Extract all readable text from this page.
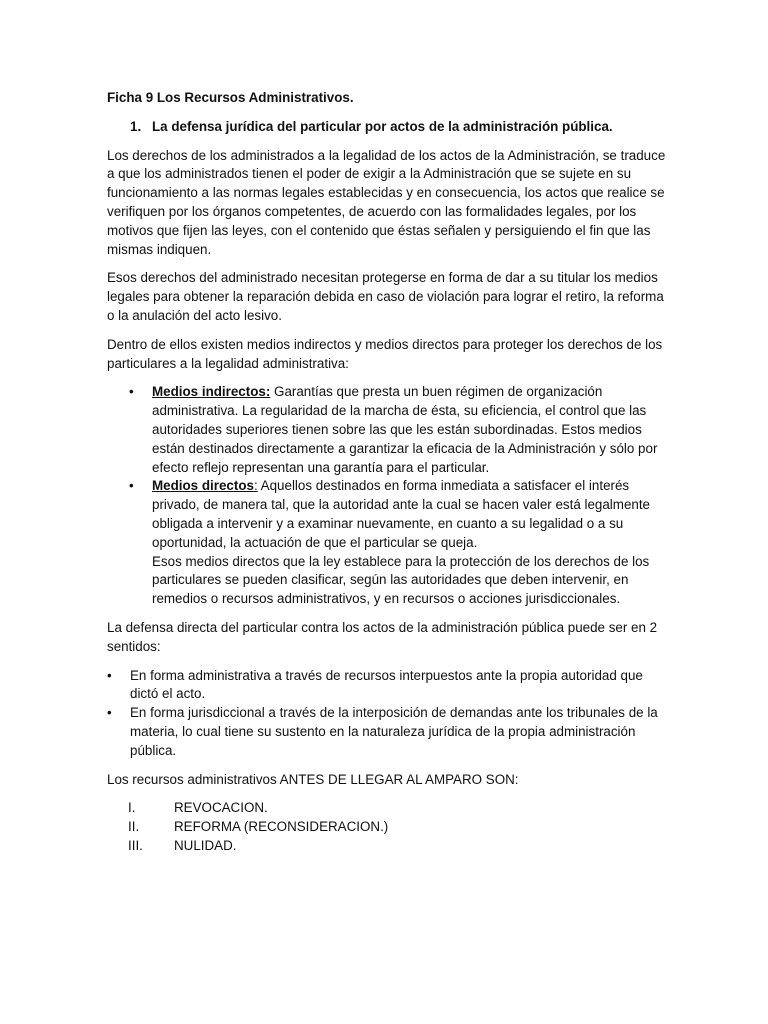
Ficha 9 Los Recursos Administrativos.
1. La defensa jurídica del particular por actos de la administración pública.

Los derechos de los administrados a la legalidad de los actos de la Administración, se traduce a que los administrados tienen el poder de exigir a la Administración que se sujete en su funcionamiento a las normas legales establecidas y en consecuencia, los actos que realice se verifiquen por los órganos competentes, de acuerdo con las formalidades legales, por los motivos que fijen las leyes, con el contenido que éstas señalen y persiguiendo el fin que las mismas indiquen.

Esos derechos del administrado necesitan protegerse en forma de dar a su titular los medios legales para obtener la reparación debida en caso de violación para lograr el retiro, la reforma o la anulación del acto lesivo.

Dentro de ellos existen medios indirectos y medios directos para proteger los derechos de los particulares a la legalidad administrativa:

•	Medios indirectos: Garantías que presta un buen régimen de organización administrativa. La regularidad de la marcha de ésta, su eficiencia, el control que las autoridades superiores tienen sobre las que les están subordinadas. Estos medios están destinados directamente a garantizar la eficacia de la Administración y sólo por efecto reflejo representan una garantía para el particular.
•	Medios directos: Aquellos destinados en forma inmediata a satisfacer el interés privado, de manera tal, que la autoridad ante la cual se hacen valer está legalmente obligada a intervenir y a examinar nuevamente, en cuanto a su legalidad o a su oportunidad, la actuación de que el particular se queja.
Esos medios directos que la ley establece para la protección de los derechos de los particulares se pueden clasificar, según las autoridades que deben intervenir, en remedios o recursos administrativos, y en recursos o acciones jurisdiccionales.

La defensa directa del particular contra los actos de la administración pública puede ser en 2 sentidos:

•	En forma administrativa a través de recursos interpuestos ante la propia autoridad que dictó el acto.
•	En forma jurisdiccional a través de la interposición de demandas ante los tribunales de la materia, lo cual tiene su sustento en la naturaleza jurídica de la propia administración pública.

Los recursos administrativos ANTES DE LLEGAR AL AMPARO SON:

I.	REVOCACION.
II.	REFORMA (RECONSIDERACION.)
III.	NULIDAD.
